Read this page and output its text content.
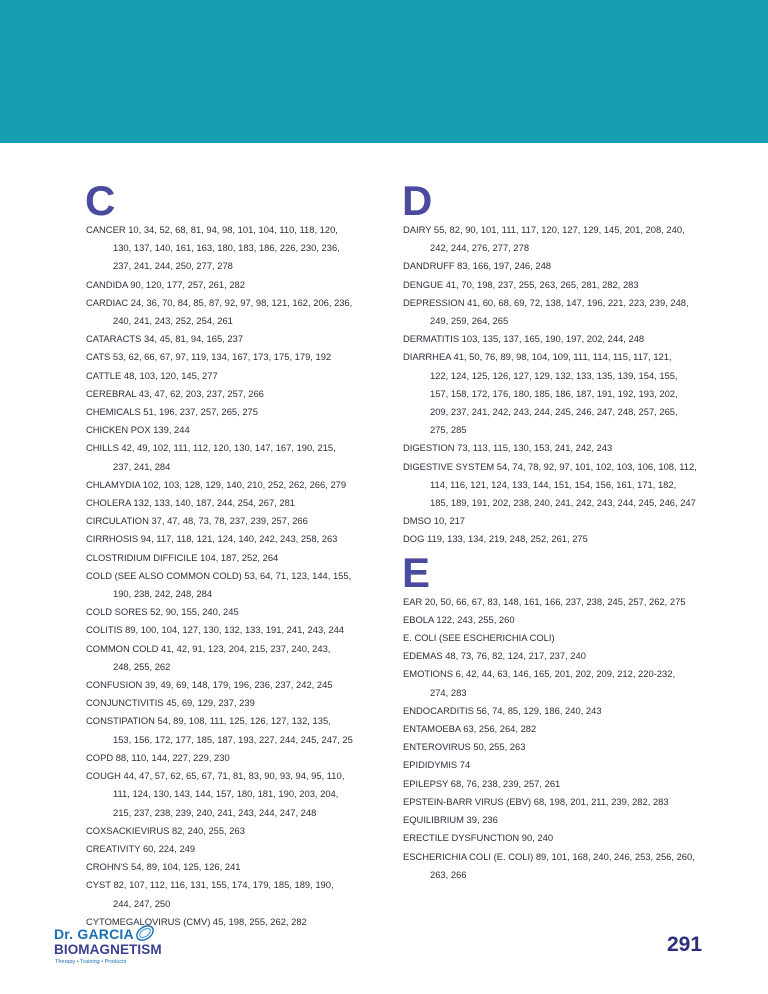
C

CANCER 10, 34, 52, 68, 81, 94, 98, 101, 104, 110, 118, 120,
130, 137, 140, 161, 163, 180, 183, 186, 226, 230, 236,
237, 241, 244, 250, 277, 278

CANDIDA 90, 120, 177, 257, 261, 282

CARDIAC 24, 36, 70, 84, 85, 87, 92, 97, 98, 121, 162, 206, 236,
240, 241, 243, 252, 254, 261

CATARACTS 34, 45, 81, 94, 165, 237

CATS 53, 62, 66, 67, 97, 119, 134, 167, 173, 175, 179, 192

CATTLE 48, 103, 120, 145, 277

CEREBRAL 43, 47, 62, 203, 237, 257, 266

CHEMICALS 51, 196, 237, 257, 265, 275

CHICKEN POX 139, 244

CHILLS 42, 49, 102, 111, 112, 120, 130, 147, 167, 190, 215,
237, 241, 284

CHLAMYDIA 102, 103, 128, 129, 140, 210, 252, 262, 266, 279

CHOLERA 132, 133, 140, 187, 244, 254, 267, 281

CIRCULATION 37, 47, 48, 73, 78, 237, 239, 257, 266

CIRRHOSIS 94, 117, 118, 121, 124, 140, 242, 243, 258, 263

CLOSTRIDIUM DIFFICILE 104, 187, 252, 264

COLD (SEE ALSO COMMON COLD) 53, 64, 71, 123, 144, 155,
190, 238, 242, 248, 284

COLD SORES 52, 90, 155, 240, 245

COLITIS 89, 100, 104, 127, 130, 132, 133, 191, 241, 243, 244

COMMON COLD 41, 42, 91, 123, 204, 215, 237, 240, 243,
248, 255, 262

CONFUSION 39, 49, 69, 148, 179, 196, 236, 237, 242, 245

CONJUNCTIVITIS 45, 69, 129, 237, 239

CONSTIPATION 54, 89, 108, 111, 125, 126, 127, 132, 135,
153, 156, 172, 177, 185, 187, 193, 227, 244, 245, 247, 25

COPD 88, 110, 144, 227, 229, 230

COUGH 44, 47, 57, 62, 65, 67, 71, 81, 83, 90, 93, 94, 95, 110,
111, 124, 130, 143, 144, 157, 180, 181, 190, 203, 204,
215, 237, 238, 239, 240, 241, 243, 244, 247, 248

COXSACKIEVIRUS 82, 240, 255, 263

CREATIVITY 60, 224, 249

CROHN'S 54, 89, 104, 125, 126, 241

CYST 82, 107, 112, 116, 131, 155, 174, 179, 185, 189, 190,
244, 247, 250

CYTOMEGALOVIRUS (CMV) 45, 198, 255, 262, 282

D

DAIRY 55, 82, 90, 101, 111, 117, 120, 127, 129, 145, 201, 208, 240,
242, 244, 276, 277, 278

DANDRUFF 83, 166, 197, 246, 248

DENGUE 41, 70, 198, 237, 255, 263, 265, 281, 282, 283

DEPRESSION 41, 60, 68, 69, 72, 138, 147, 196, 221, 223, 239, 248,
249, 259, 264, 265

DERMATITIS 103, 135, 137, 165, 190, 197, 202, 244, 248

DIARRHEA 41, 50, 76, 89, 98, 104, 109, 111, 114, 115, 117, 121,
122, 124, 125, 126, 127, 129, 132, 133, 135, 139, 154, 155,
157, 158, 172, 176, 180, 185, 186, 187, 191, 192, 193, 202,
209, 237, 241, 242, 243, 244, 245, 246, 247, 248, 257, 265,
275, 285

DIGESTION 73, 113, 115, 130, 153, 241, 242, 243

DIGESTIVE SYSTEM 54, 74, 78, 92, 97, 101, 102, 103, 106, 108, 112,
114, 116, 121, 124, 133, 144, 151, 154, 156, 161, 171, 182,
185, 189, 191, 202, 238, 240, 241, 242, 243, 244, 245, 246, 247

DMSO 10, 217

DOG 119, 133, 134, 219, 248, 252, 261, 275

E

EAR 20, 50, 66, 67, 83, 148, 161, 166, 237, 238, 245, 257, 262, 275

EBOLA 122, 243, 255, 260

E. COLI (SEE ESCHERICHIA COLI)

EDEMAS 48, 73, 76, 82, 124, 217, 237, 240

EMOTIONS 6, 42, 44, 63, 146, 165, 201, 202, 209, 212, 220-232,
274, 283

ENDOCARDITIS 56, 74, 85, 129, 186, 240, 243

ENTAMOEBA 63, 256, 264, 282

ENTEROVIRUS 50, 255, 263

EPIDIDYMIS 74

EPILEPSY 68, 76, 238, 239, 257, 261

EPSTEIN-BARR VIRUS (EBV) 68, 198, 201, 211, 239, 282, 283

EQUILIBRIUM 39, 236

ERECTILE DYSFUNCTION 90, 240

ESCHERICHIA COLI (E. COLI) 89, 101, 168, 240, 246, 253, 256, 260,
263, 266

Dr. GARCIA
BIOMAGNETISM
Therapy • Training • Products
291
